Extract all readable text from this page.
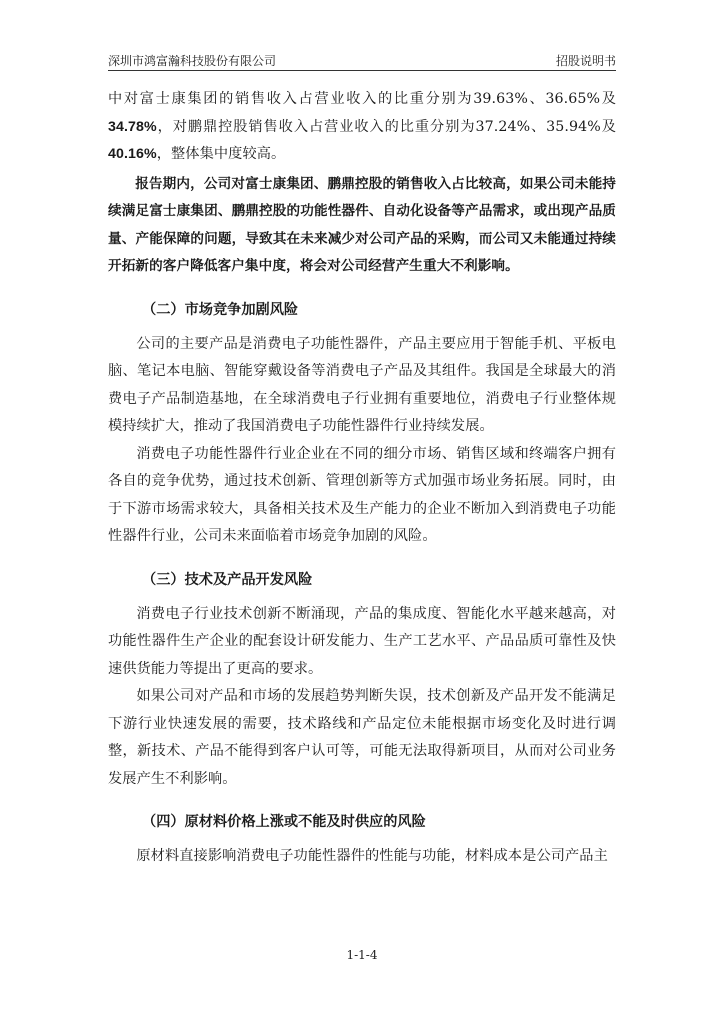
深圳市鸿富瀚科技股份有限公司	招股说明书

中对富士康集团的销售收入占营业收入的比重分别为39.63%、36.65%及34.78%，对鹏鼎控股销售收入占营业收入的比重分别为37.24%、35.94%及40.16%，整体集中度较高。

报告期内，公司对富士康集团、鹏鼎控股的销售收入占比较高，如果公司未能持续满足富士康集团、鹏鼎控股的功能性器件、自动化设备等产品需求，或出现产品质量、产能保障的问题，导致其在未来减少对公司产品的采购，而公司又未能通过持续开拓新的客户降低客户集中度，将会对公司经营产生重大不利影响。

（二）市场竞争加剧风险

公司的主要产品是消费电子功能性器件，产品主要应用于智能手机、平板电脑、笔记本电脑、智能穿戴设备等消费电子产品及其组件。我国是全球最大的消费电子产品制造基地，在全球消费电子行业拥有重要地位，消费电子行业整体规模持续扩大，推动了我国消费电子功能性器件行业持续发展。

消费电子功能性器件行业企业在不同的细分市场、销售区域和终端客户拥有各自的竞争优势，通过技术创新、管理创新等方式加强市场业务拓展。同时，由于下游市场需求较大，具备相关技术及生产能力的企业不断加入到消费电子功能性器件行业，公司未来面临着市场竞争加剧的风险。

（三）技术及产品开发风险

消费电子行业技术创新不断涌现，产品的集成度、智能化水平越来越高，对功能性器件生产企业的配套设计研发能力、生产工艺水平、产品品质可靠性及快速供货能力等提出了更高的要求。

如果公司对产品和市场的发展趋势判断失误，技术创新及产品开发不能满足下游行业快速发展的需要，技术路线和产品定位未能根据市场变化及时进行调整，新技术、产品不能得到客户认可等，可能无法取得新项目，从而对公司业务发展产生不利影响。

（四）原材料价格上涨或不能及时供应的风险

原材料直接影响消费电子功能性器件的性能与功能，材料成本是公司产品主

1-1-4
